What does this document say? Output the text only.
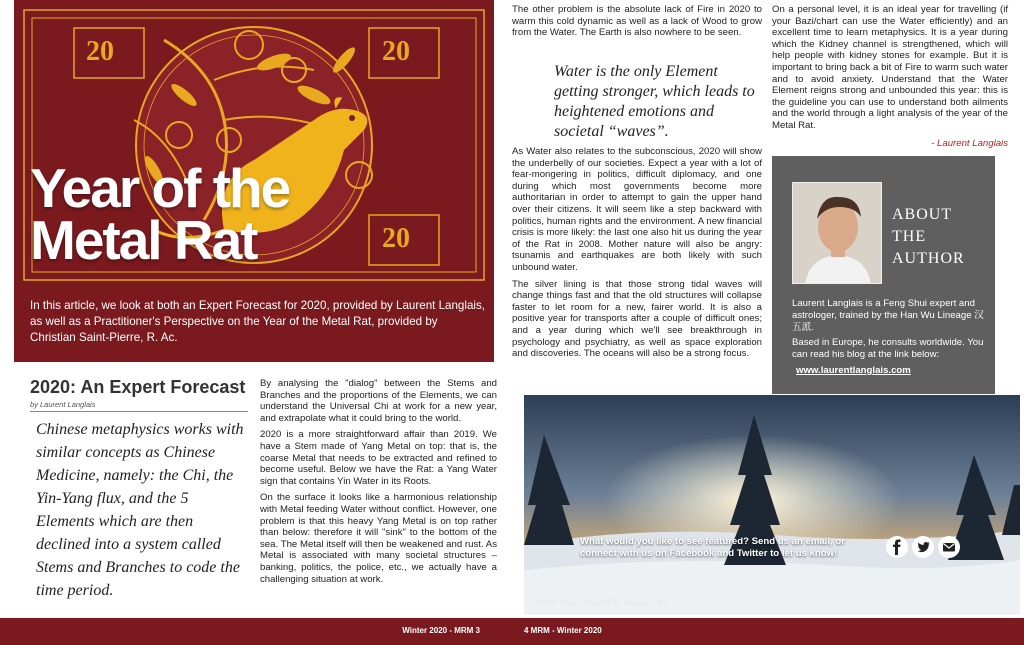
20	20
20
Year of the
Metal Rat
In this article, we look at both an Expert Forecast for 2020, provided by Laurent Langlais, as well as a Practitioner's Perspective on the Year of the Metal Rat, provided by Christian Saint-Pierre, R. Ac.
2020: An Expert Forecast
by Laurent Langlais
Chinese metaphysics works with similar concepts as Chinese Medicine, namely: the Chi, the Yin-Yang flux, and the 5 Elements which are then declined into a system called Stems and Branches to code the time period.

By analysing the "dialog" between the Stems and Branches and the proportions of the Elements, we can understand the Universal Chi at work for a new year, and extrapolate what it could bring to the world.

2020 is a more straightforward affair than 2019. We have a Stem made of Yang Metal on top: that is, the coarse Metal that needs to be extracted and refined to become useful. Below we have the Rat: a Yang Water sign that contains Yin Water in its Roots.

On the surface it looks like a harmonious relationship with Metal feeding Water without conflict. However, one problem is that this heavy Yang Metal is on top rather than below: therefore it will "sink" to the bottom of the sea. The Metal itself will then be weakened and rust. As Metal is associated with many societal structures – banking, politics, the police, etc., we actually have a challenging situation at work.

The other problem is the absolute lack of Fire in 2020 to warm this cold dynamic as well as a lack of Wood to grow from the Water. The Earth is also nowhere to be seen.

Water is the only Element getting stronger, which leads to heightened emotions and societal “waves”.

As Water also relates to the subconscious, 2020 will show the underbelly of our societies. Expect a year with a lot of fear-mongering in politics, difficult diplomacy, and one during which most governments become more authoritarian in order to attempt to gain the upper hand over their citizens. It will seem like a step backward with politics, human rights and the environment. A new financial crisis is more likely: the last one also hit us during the year of the Rat in 2008. Mother nature will also be angry: tsunamis and earthquakes are both likely with such unbound water.

The silver lining is that those strong tidal waves will change things fast and that the old structures will collapse faster to let room for a new, fairer world. It is also a positive year for transports after a couple of difficult ones; and a year during which we'll see breakthrough in psychology and psychiatry, as well as space exploration and discoveries. The oceans will also be a strong focus.

On a personal level, it is an ideal year for travelling (if your Bazi/chart can use the Water efficiently) and an excellent time to learn metaphysics. It is a year during which the Kidney channel is strengthened, which will help people with kidney stones for example. But it is important to bring back a bit of Fire to warm such water and to avoid anxiety. Understand that the Water Element reigns strong and unbounded this year: this is the guideline you can use to understand both ailments and the world through a light analysis of the year of the Metal Rat.

- Laurent Langlais
ABOUT
THE
AUTHOR

Laurent Langlais is a Feng Shui expert and astrologer, trained by the Han Wu Lineage 汉五派.

Based in Europe, he consults worldwide. You can read his blog at the link below:

www.laurentlanglais.com
What would you like to see featured? Send us an email, or connect with us on Facebook and Twitter to let us know!
PHOTO: Denys Nevozhai for Unsplash.com
Winter 2020 - MRM 3	4 MRM - Winter 2020
